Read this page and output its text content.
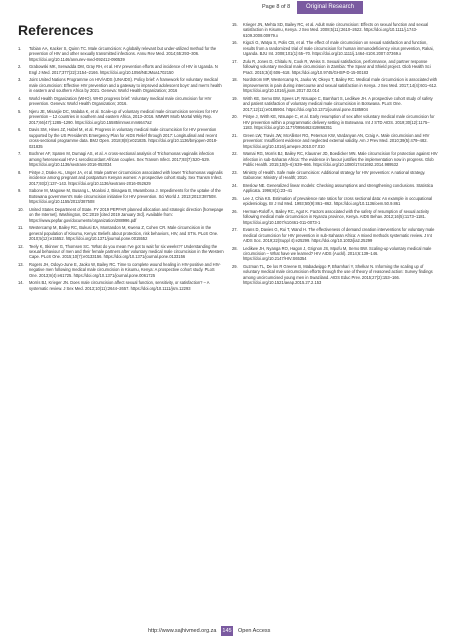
Page 8 of 8	Original Research
References
1. Tobian AA, Kacker S, Quinn TC. Male circumcision: A globally relevant but under-utilized method for the prevention of HIV and other sexually transmitted infections. Annu Rev Med. 2014;65:293–306. https://doi.org/10.1146/annurev-med-092412-090539
2. Grabowski MK, Serwadda DM, Gray RH, et al. HIV prevention efforts and incidence of HIV in Uganda. N Engl J Med. 2017;377(22):2154–2166. https://doi.org/10.1056/NEJMoa1702150
3. Joint United Nations Programme on HIV/AIDS (UNAIDS). Policy brief: A framework for voluntary medical male circumcision: Effective HIV prevention and a gateway to improved adolescent boys' and men's health in eastern and southern Africa by 2021. Geneva: World Health Organization; 2016
4. World Health Organization (WHO). WHO progress brief: Voluntary medical male circumcision for HIV prevention. Geneva: World Health Organization; 2016.
5. Njeru JE, Misasjie DC, Malaba K, et al. Scale-up of voluntary medical male circumcision services for HIV prevention – 12 countries in southern and eastern Africa, 2013–2016. MMWR Morb Mortal Wkly Rep. 2017;66(47):1285–1290. https://doi.org/10.15585/mmwr.mm6647a2
6. Davis SM, Hines JZ, Habel M, et al. Progress in voluntary medical male circumcision for HIV prevention supported by the US President's Emergency Plan for AIDS Relief through 2017: Longitudinal and recent cross-sectional programme data. BMJ Open. 2018;8(8):e021835. https://doi.org/10.1136/bmjopen-2018-021835
7. Bochner AF, Spaten M, Dumagi AS, et al. A cross-sectional analysis of Trichomonas vaginalis infection among heterosexual HIV-1 serodiscordant African couples. Sex Transm Infect. 2017;93(7):520–529. https://doi.org/10.1136/sextrans-2016-053034
8. Pintye J, Drake AL, Unger JA, et al. Male partner circumcision associated with lower Trichomonas vaginalis incidence among pregnant and postpartum Kenyan women: A prospective cohort study. Sex Transm Infect. 2017;93(2):137–143. https://doi.org/10.1136/sextrans-2016-052629
9. Sabone M, Magowe M, Busang L, Moalosi J, Binagwa B, Mwambona J. Impediments for the uptake of the Botswana government's male circumcision initiative for HIV prevention. Sci World J. 2013;2013:387508. https://doi.org/10.1155/2013/387508
10. United States Department of State. FY 2019 PEPFAR planned allocation and strategic direction [homepage on the Internet]. Washington, DC:2019 [cited 2019 January 3rd]. Available from: https://www.pepfar.gov/documents/organization/288996.pdf
11. Westercamp M, Bailey RC, Bukusi EA, Montandon M, Kwena Z, Cohen CR. Male circumcision in the general population of Kisumu, Kenya: Beliefs about protection, risk behaviors, HIV, and STIs. PLoS One. 2010;5(12):e15552. https://doi.org/10.1371/journal.pone.0015552
12. Teely K, Skinner G, Thomsen SC. 'What do you mean I've got to wait for six weeks?!' Understanding the sexual behaviour of men and their female partners after voluntary medical male circumcision in the Western Cape. PLoS One. 2015;10(7):e0133156. https://doi.org/10.1371/journal.pone.0133156
13. Rogers JH, Odoyo-June E, Jaoko W, Bailey RC. Time to complete wound healing in HIV-positive and HIV-negative men following medical male circumcision in Kisumu, Kenya: A prospective cohort study. PLoS One. 2013;8(4):e61725. https://doi.org/10.1371/journal.pone.0061725
14. Morris BJ, Krieger JN. Does male circumcision affect sexual function, sensitivity, or satisfaction? – A systematic review. J Sex Med. 2013;10(11):2644–2657. https://doi.org/10.1111/jsm.12293
15. Krieger JN, Mehta SD, Bailey RC, et al. Adult male circumcision: Effects on sexual function and sexual satisfaction in Kisumu, Kenya. J Sex Med. 2008;5(11):2610–2622. https://doi.org/10.1111/j.1743-6109.2008.00979.x
16. Kigozi G, Watya S, Polis CB, et al. The effect of male circumcision on sexual satisfaction and function, results from a randomized trial of male circumcision for human immunodeficiency virus prevention, Rakai, Uganda. BJU Int. 2008;101(1):65–70. https://doi.org/10.1111/j.1464-410X.2007.07369.x
17. Zulu R, Jones D, Chitalu N, Cook R, Weiss S. Sexual satisfaction, performance, and partner response following voluntary medical male circumcision in Zambia: The Spear and Shield project. Glob Health Sci Pract. 2015;3(4):606–618. https://doi.org/10.9745/GHSP-D-15-00183
18. Nordstrom MP, Westercamp N, Jaoko W, Okeyo T, Bailey RC. Medical male circumcision is associated with improvements in pain during intercourse and sexual satisfaction in Kenya. J Sex Med. 2017;14(4):601–612. https://doi.org/10.1016/j.jsxm.2017.02.014
19. Wirth KE, Semo BW, Spees LP, Ntsuape C, Barnhart S, Ledikwe JH. A prospective cohort study of safety and patient satisfaction of voluntary medical male circumcision in Botswana. PLoS One. 2017;12(11):e0185904. https://doi.org/10.1371/journal.pone.0185904
20. Pintye J, Wirth KE, Ntsuape C, et al. Early resumption of sex after voluntary medical male circumcision for HIV prevention within a programmatic delivery setting in Botswana. Int J STD AIDS. 2019;30(12):1175–1183. https://doi.org/10.1177/0956462419866351
21. Green LW, Travis JW, McAllister RG, Peterson KW, Vardanyan AN, Craig A. Male circumcision and HIV prevention: Insufficient evidence and neglected external validity. Am J Prev Med. 2010;39(5):479–482. https://doi.org/10.1016/j.amepre.2010.07.010
22. Wamai RG, Morris BJ, Bailey RC, Klausner JD, Boedicker MN. Male circumcision for protection against HIV infection in sub-Saharan Africa: The evidence in favour justifies the implementation now in progress. Glob Public Health. 2015;10(5–6):639–666. https://doi.org/10.1080/17441692.2014.989532
23. Ministry of Health. Safe male circumcision: Additional strategy for HIV prevention: A national strategy. Gaborone: Ministry of Health; 2010.
24. Breslow NE. Generalized linear models: Checking assumptions and strengthening conclusions. Statistica Applicata. 1996;8(1):23–41
25. Lee J, Chia KS. Estimation of prevalence rate ratios for cross sectional data: An example in occupational epidemiology. Br J Ind Med. 1993;50(9):861–862. https://doi.org/10.1136/oem.50.9.861
26. Herman-Roloff A, Bailey RC, Agot K. Factors associated with the safety of resumption of sexual activity following medical male circumcision in Nyanza province, Kenya. AIDS Behav. 2012;16(5):1173–1181. https://doi.org/10.1007/s10461-011-0073-1
27. Evans D, Davies G, Rui T, Wand H. The effectiveness of demand creation interventions for voluntary male medical circumcision for HIV prevention in sub-Saharan Africa: A mixed methods systematic review. J Int AIDS Soc. 2019;22(Suppl 4):e25299. https://doi.org/10.1002/jia2.25299
28. Ledikwe JH, Nyanga RO, Hagon J, Grignon JS, Mpofu M, Semo BW. Scaling-up voluntary medical male circumcision – What have we learned? HIV AIDS (Auckl). 2014;6:139–146. https://doi.org/10.2147/HIV.S65354
29. Guzman TL, De los R Greene B, Mabadwipgo P, Bhamhari Y, Shelkar N. Informing the scaling up of voluntary medical male circumcision efforts through the use of theory of reasoned action: Survey findings among uncircumcised young men in Swaziland. AIDS Educ Prev. 2015;27(2):153–166. https://doi.org/10.1521/aeap.2015.27.2.153
http://www.sajhivmed.org.za 145 Open Access
